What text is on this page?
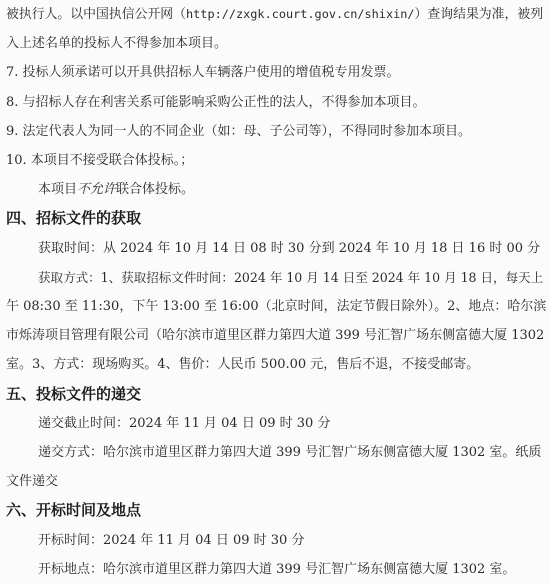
被执行人。以中国执信公开网（http://zxgk.court.gov.cn/shixin/）查询结果为准，被列

入上述名单的投标人不得参加本项目。

7. 投标人须承诺可以开具供招标人车辆落户使用的增值税专用发票。

8. 与招标人存在利害关系可能影响采购公正性的法人，不得参加本项目。

9. 法定代表人为同一人的不同企业（如：母、子公司等），不得同时参加本项目。

10. 本项目不接受联合体投标。；

本项目不允许联合体投标。

四、招标文件的获取

获取时间：从 2024 年 10 月 14 日 08 时 30 分到 2024 年 10 月 18 日 16 时 00 分

获取方式：1、获取招标文件时间：2024 年 10 月 14 日至 2024 年 10 月 18 日，每天上

午 08:30 至 11:30，下午 13:00 至 16:00（北京时间，法定节假日除外）。2、地点：哈尔滨

市烁涛项目管理有限公司（哈尔滨市道里区群力第四大道 399 号汇智广场东侧富德大厦 1302

室。3、方式：现场购买。4、售价：人民币 500.00 元，售后不退，不接受邮寄。

五、投标文件的递交

递交截止时间：2024 年 11 月 04 日 09 时 30 分

递交方式：哈尔滨市道里区群力第四大道 399 号汇智广场东侧富德大厦 1302 室。纸质

文件递交

六、开标时间及地点

开标时间：2024 年 11 月 04 日 09 时 30 分

开标地点：哈尔滨市道里区群力第四大道 399 号汇智广场东侧富德大厦 1302 室。
